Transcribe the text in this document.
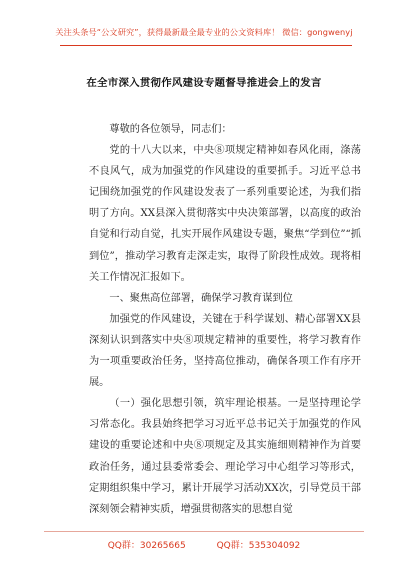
关注头条号“公文研究”，获得最新最全最专业的公文资料库！ 微信：gongwenyj
在全市深入贯彻作风建设专题督导推进会上的发言

尊敬的各位领导，同志们：

党的十八大以来，中央⑧项规定精神如春风化雨，涤荡不良风气，成为加强党的作风建设的重要抓手。习近平总书记围绕加强党的作风建设发表了一系列重要论述，为我们指明了方向。XX县深入贯彻落实中央决策部署，以高度的政治自觉和行动自觉，扎实开展作风建设专题，聚焦“学到位”“抓到位”，推动学习教育走深走实，取得了阶段性成效。现将相关工作情况汇报如下。

一、聚焦高位部署，确保学习教育谋到位

加强党的作风建设，关键在于科学谋划、精心部署XX县深刻认识到落实中央⑧项规定精神的重要性，将学习教育作为一项重要政治任务，坚持高位推动，确保各项工作有序开展。

（一）强化思想引领，筑牢理论根基。一是坚持理论学习常态化。我县始终把学习习近平总书记关于加强党的作风建设的重要论述和中央⑧项规定及其实施细则精神作为首要政治任务，通过县委常委会、理论学习中心组学习等形式，定期组织集中学习，累计开展学习活动XX次，引导党员干部深刻领会精神实质，增强贯彻落实的思想自觉

QQ群：30265665	QQ群：535304092
